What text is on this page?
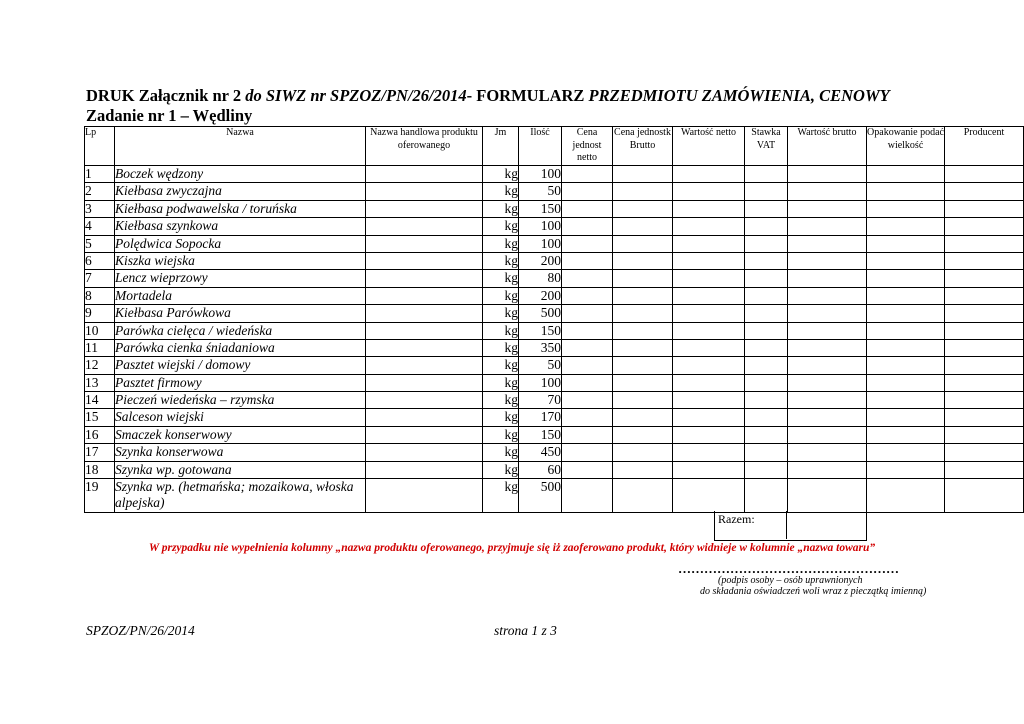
DRUK Załącznik nr 2 do SIWZ nr SPZOZ/PN/26/2014- FORMULARZ PRZEDMIOTU ZAMÓWIENIA, CENOWY
Zadanie nr 1 – Wędliny
Lp	Nazwa	Nazwa handlowa produktu oferowanego	Jm	Ilość	Cena jednost netto	Cena jednostk Brutto	Wartość netto	Stawka VAT	Wartość brutto	Opakowanie podać wielkość	Producent
1	Boczek wędzony		kg	100							
2	Kiełbasa zwyczajna		kg	50							
3	Kiełbasa podwawelska / toruńska		kg	150							
4	Kiełbasa szynkowa		kg	100							
5	Polędwica Sopocka		kg	100							
6	Kiszka wiejska		kg	200							
7	Lencz wieprzowy		kg	80							
8	Mortadela		kg	200							
9	Kiełbasa Parówkowa		kg	500							
10	Parówka cielęca / wiedeńska		kg	150							
11	Parówka cienka śniadaniowa		kg	350							
12	Pasztet wiejski / domowy		kg	50							
13	Pasztet firmowy		kg	100							
14	Pieczeń wiedeńska – rzymska		kg	70							
15	Salceson wiejski		kg	170							
16	Smaczek konserwowy		kg	150							
17	Szynka konserwowa		kg	450							
18	Szynka wp. gotowana		kg	60							
19	Szynka wp. (hetmańska; mozaikowa, włoska alpejska)		kg	500							
Razem:
W przypadku nie wypełnienia kolumny „nazwa produktu oferowanego, przyjmuje się iż zaoferowano produkt, który widnieje w kolumnie „nazwa towaru”
……………………………………………
(podpis osoby – osób uprawnionych
do składania oświadczeń woli wraz z pieczątką imienną)
SPZOZ/PN/26/2014	strona 1 z 3
